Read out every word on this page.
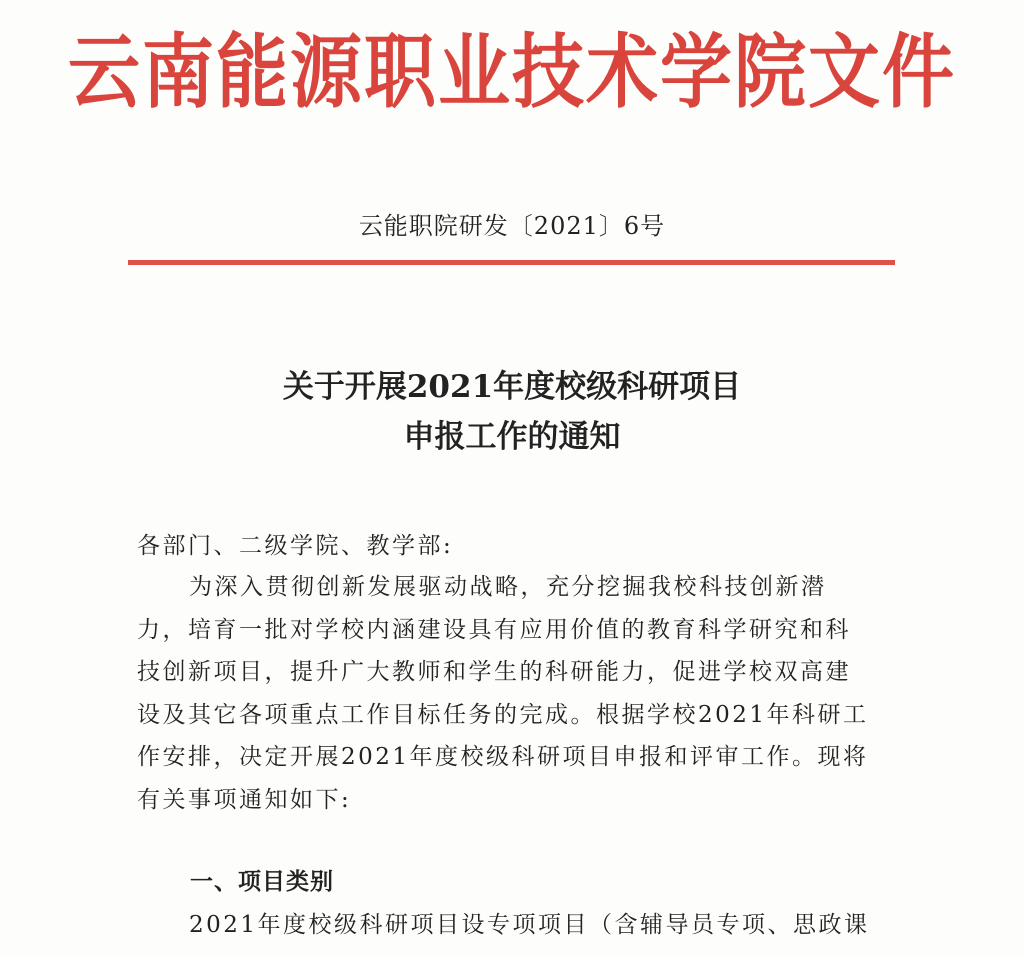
云南能源职业技术学院文件
云能职院研发〔2021〕6号
关于开展2021年度校级科研项目
申报工作的通知
各部门、二级学院、教学部:
为深入贯彻创新发展驱动战略，充分挖掘我校科技创新潜
力，培育一批对学校内涵建设具有应用价值的教育科学研究和科
技创新项目，提升广大教师和学生的科研能力，促进学校双高建
设及其它各项重点工作目标任务的完成。根据学校2021年科研工
作安排，决定开展2021年度校级科研项目申报和评审工作。现将
有关事项通知如下:
一、项目类别
2021年度校级科研项目设专项项目（含辅导员专项、思政课
